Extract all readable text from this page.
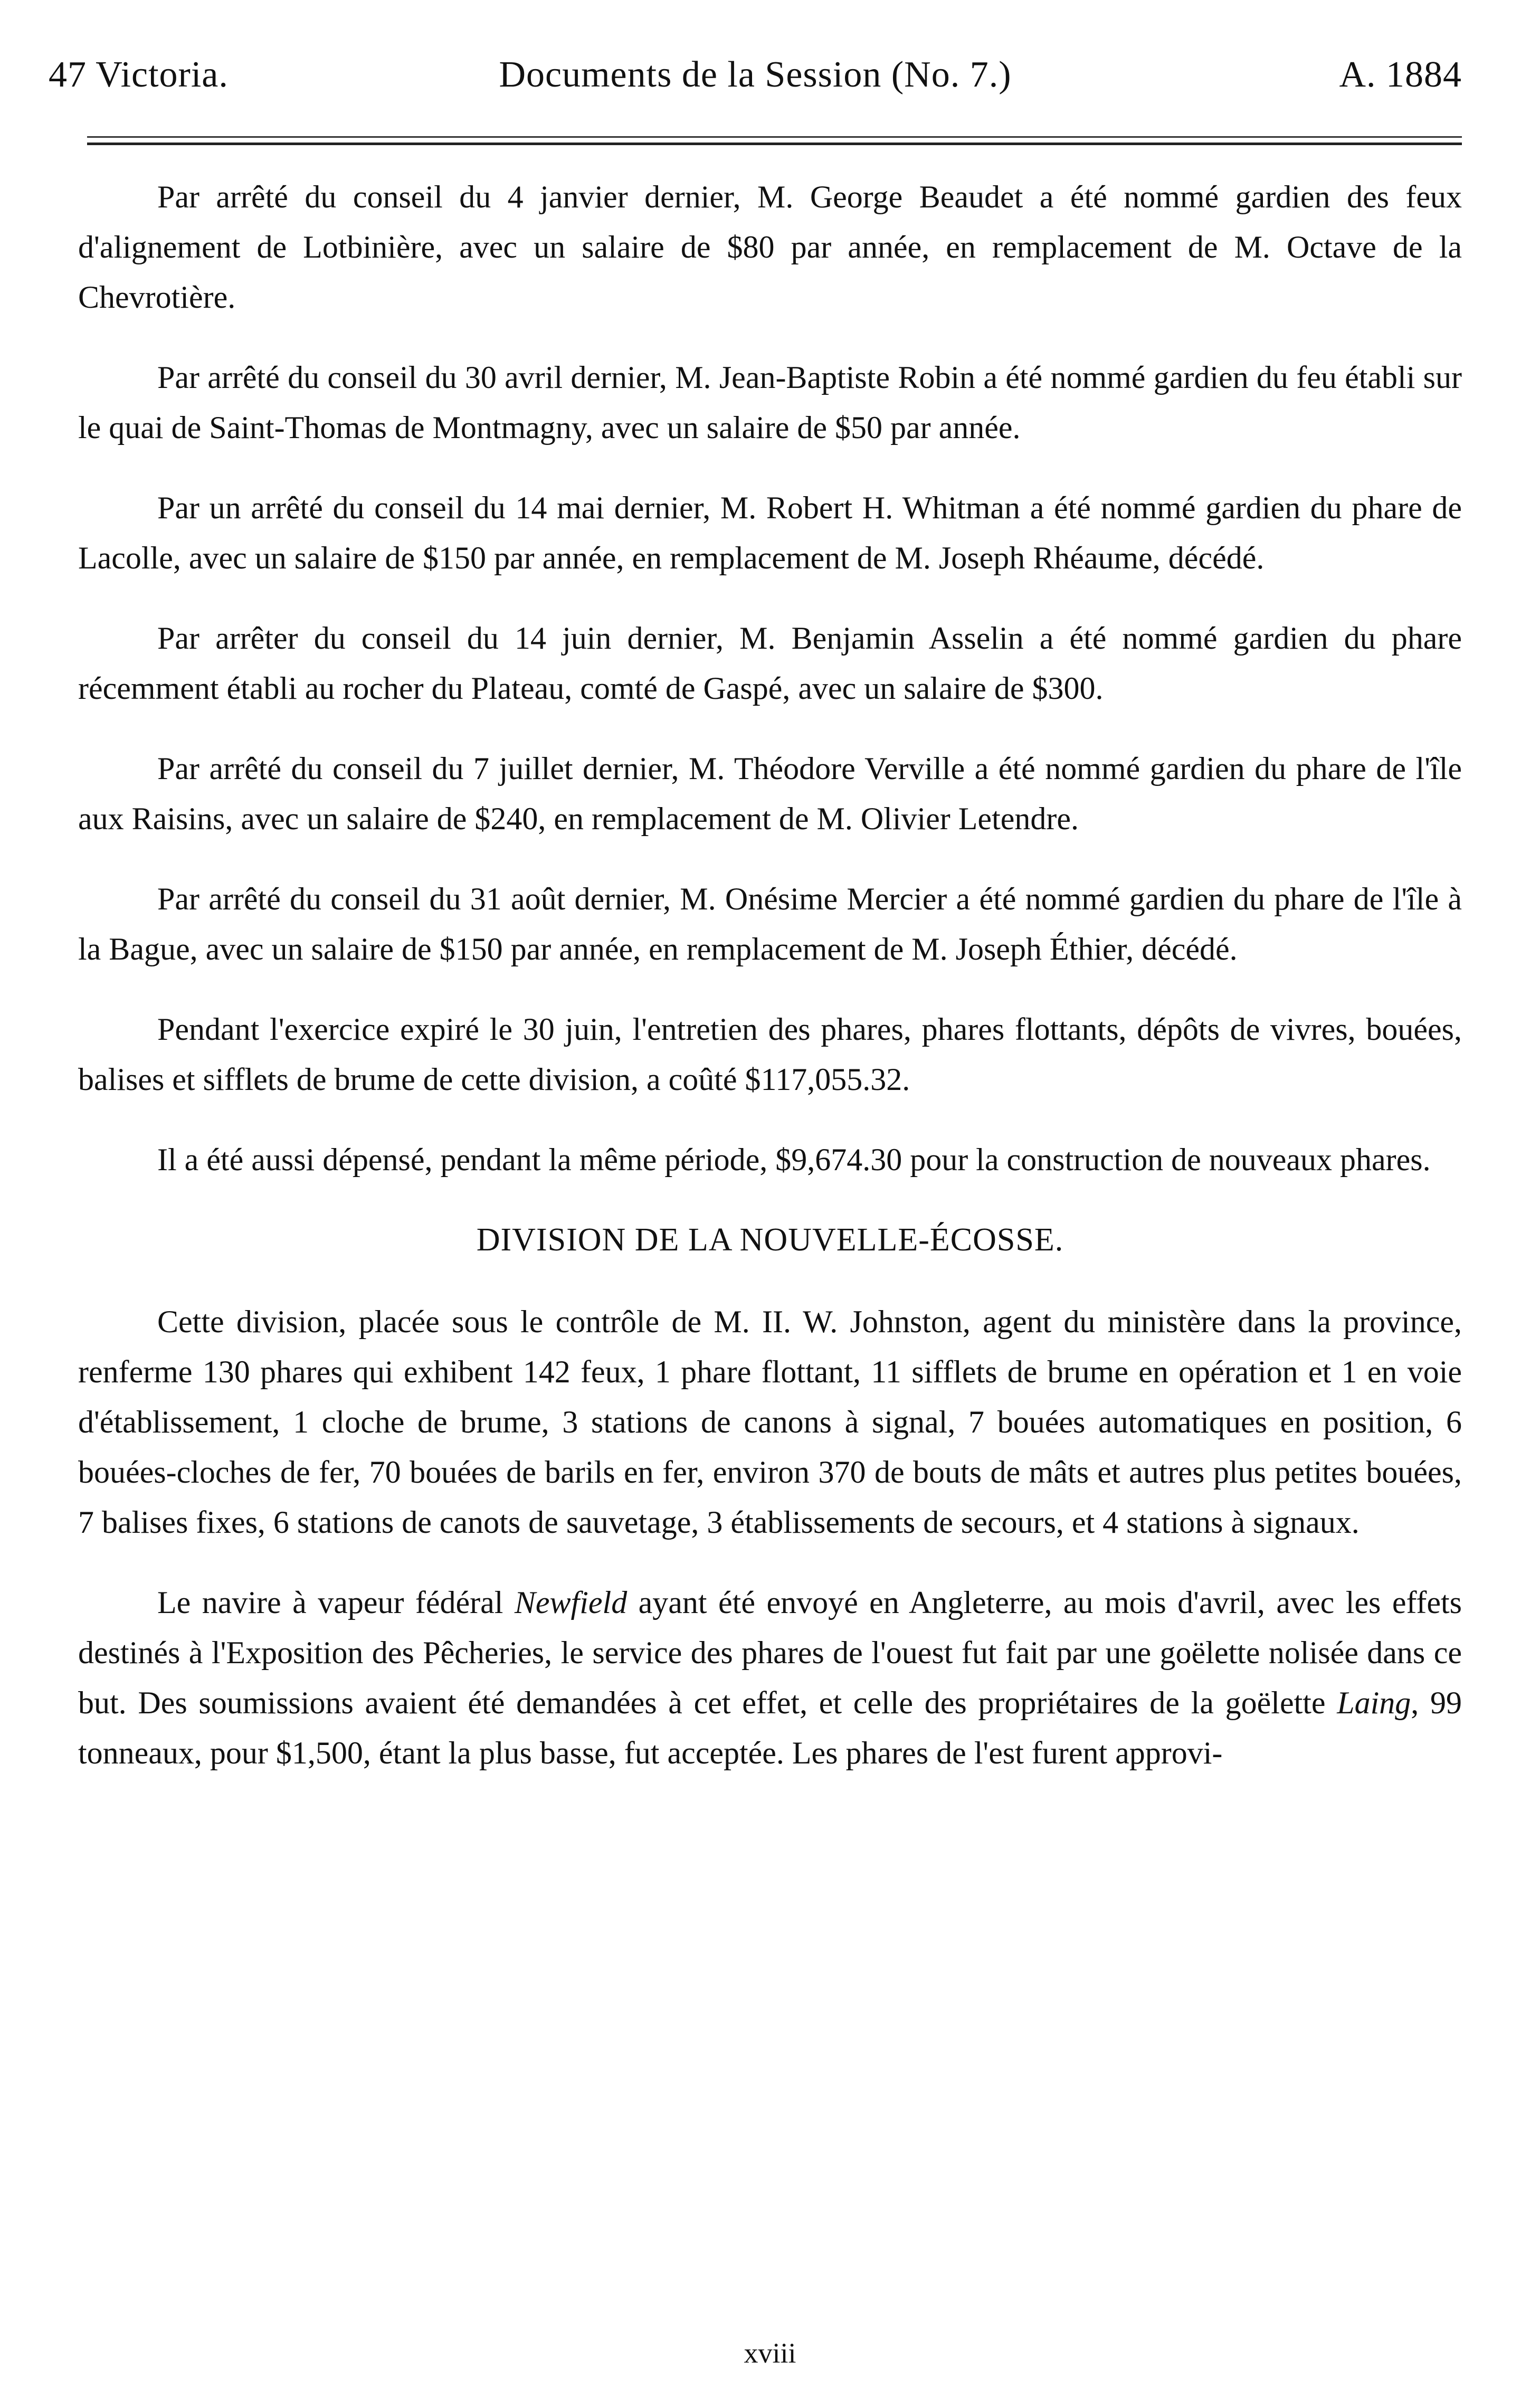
47 Victoria.	Documents de la Session (No. 7.)	A. 1884

Par arrêté du conseil du 4 janvier dernier, M. George Beaudet a été nommé gardien des feux d'alignement de Lotbinière, avec un salaire de $80 par année, en remplacement de M. Octave de la Chevrotière.

Par arrêté du conseil du 30 avril dernier, M. Jean-Baptiste Robin a été nommé gardien du feu établi sur le quai de Saint-Thomas de Montmagny, avec un salaire de $50 par année.

Par un arrêté du conseil du 14 mai dernier, M. Robert H. Whitman a été nommé gardien du phare de Lacolle, avec un salaire de $150 par année, en remplacement de M. Joseph Rhéaume, décédé.

Par arrêter du conseil du 14 juin dernier, M. Benjamin Asselin a été nommé gardien du phare récemment établi au rocher du Plateau, comté de Gaspé, avec un salaire de $300.

Par arrêté du conseil du 7 juillet dernier, M. Théodore Verville a été nommé gardien du phare de l'île aux Raisins, avec un salaire de $240, en remplacement de M. Olivier Letendre.

Par arrêté du conseil du 31 août dernier, M. Onésime Mercier a été nommé gardien du phare de l'île à la Bague, avec un salaire de $150 par année, en remplacement de M. Joseph Éthier, décédé.

Pendant l'exercice expiré le 30 juin, l'entretien des phares, phares flottants, dépôts de vivres, bouées, balises et sifflets de brume de cette division, a coûté $117,055.32.

Il a été aussi dépensé, pendant la même période, $9,674.30 pour la construction de nouveaux phares.

DIVISION DE LA NOUVELLE-ÉCOSSE.

Cette division, placée sous le contrôle de M. II. W. Johnston, agent du ministère dans la province, renferme 130 phares qui exhibent 142 feux, 1 phare flottant, 11 sifflets de brume en opération et 1 en voie d'établissement, 1 cloche de brume, 3 stations de canons à signal, 7 bouées automatiques en position, 6 bouées-cloches de fer, 70 bouées de barils en fer, environ 370 de bouts de mâts et autres plus petites bouées, 7 balises fixes, 6 stations de canots de sauvetage, 3 établissements de secours, et 4 stations à signaux.

Le navire à vapeur fédéral Newfield ayant été envoyé en Angleterre, au mois d'avril, avec les effets destinés à l'Exposition des Pêcheries, le service des phares de l'ouest fut fait par une goëlette nolisée dans ce but. Des soumissions avaient été demandées à cet effet, et celle des propriétaires de la goëlette Laing, 99 tonneaux, pour $1,500, étant la plus basse, fut acceptée. Les phares de l'est furent approvi-

xviii
